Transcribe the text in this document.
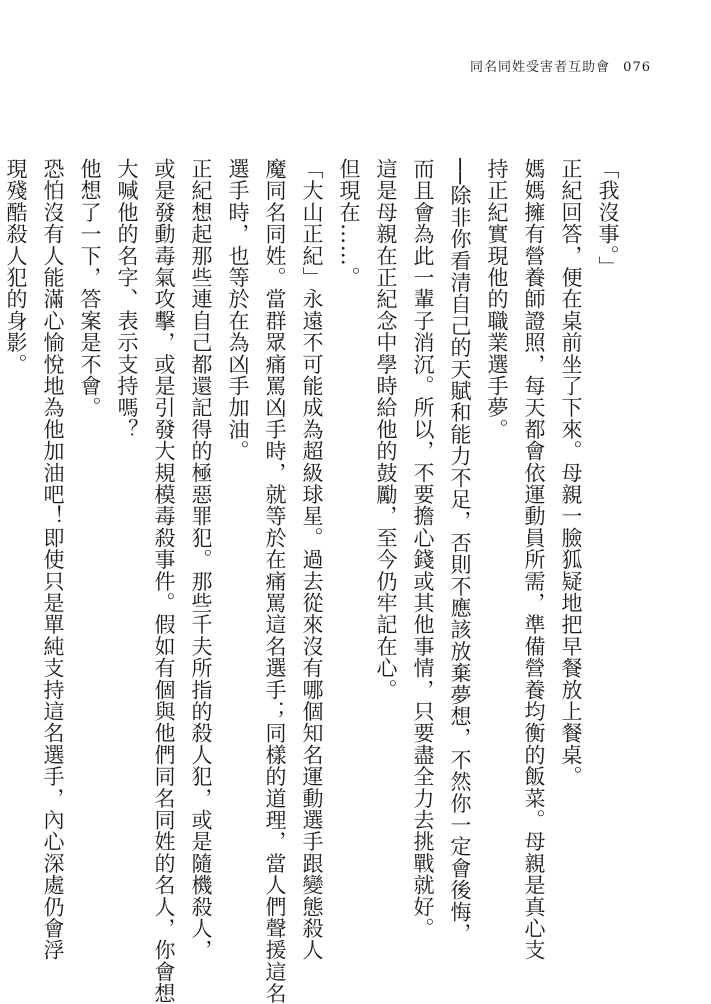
同名同姓受害者互助會 076
「我沒事。」
正紀回答，便在桌前坐了下來。母親一臉狐疑地把早餐放上餐桌。
媽媽擁有營養師證照，每天都會依運動員所需，準備營養均衡的飯菜。母親是真心支
持正紀實現他的職業選手夢。
──除非你看清自己的天賦和能力不足，否則不應該放棄夢想，不然你一定會後悔，
而且會為此一輩子消沉。所以，不要擔心錢或其他事情，只要盡全力去挑戰就好。
這是母親在正紀念中學時給他的鼓勵，至今仍牢記在心。
但現在……。
「大山正紀」永遠不可能成為超級球星。過去從來沒有哪個知名運動選手跟變態殺人
魔同名同姓。當群眾痛罵凶手時，就等於在痛罵這名選手；同樣的道理，當人們聲援這名
選手時，也等於在為凶手加油。
正紀想起那些連自己都還記得的極惡罪犯。那些千夫所指的殺人犯，或是隨機殺人，
或是發動毒氣攻擊，或是引發大規模毒殺事件。假如有個與他們同名同姓的名人，你會想
大喊他的名字、表示支持嗎？
他想了一下，答案是不會。
恐怕沒有人能滿心愉悅地為他加油吧！即使只是單純支持這名選手，內心深處仍會浮
現殘酷殺人犯的身影。
